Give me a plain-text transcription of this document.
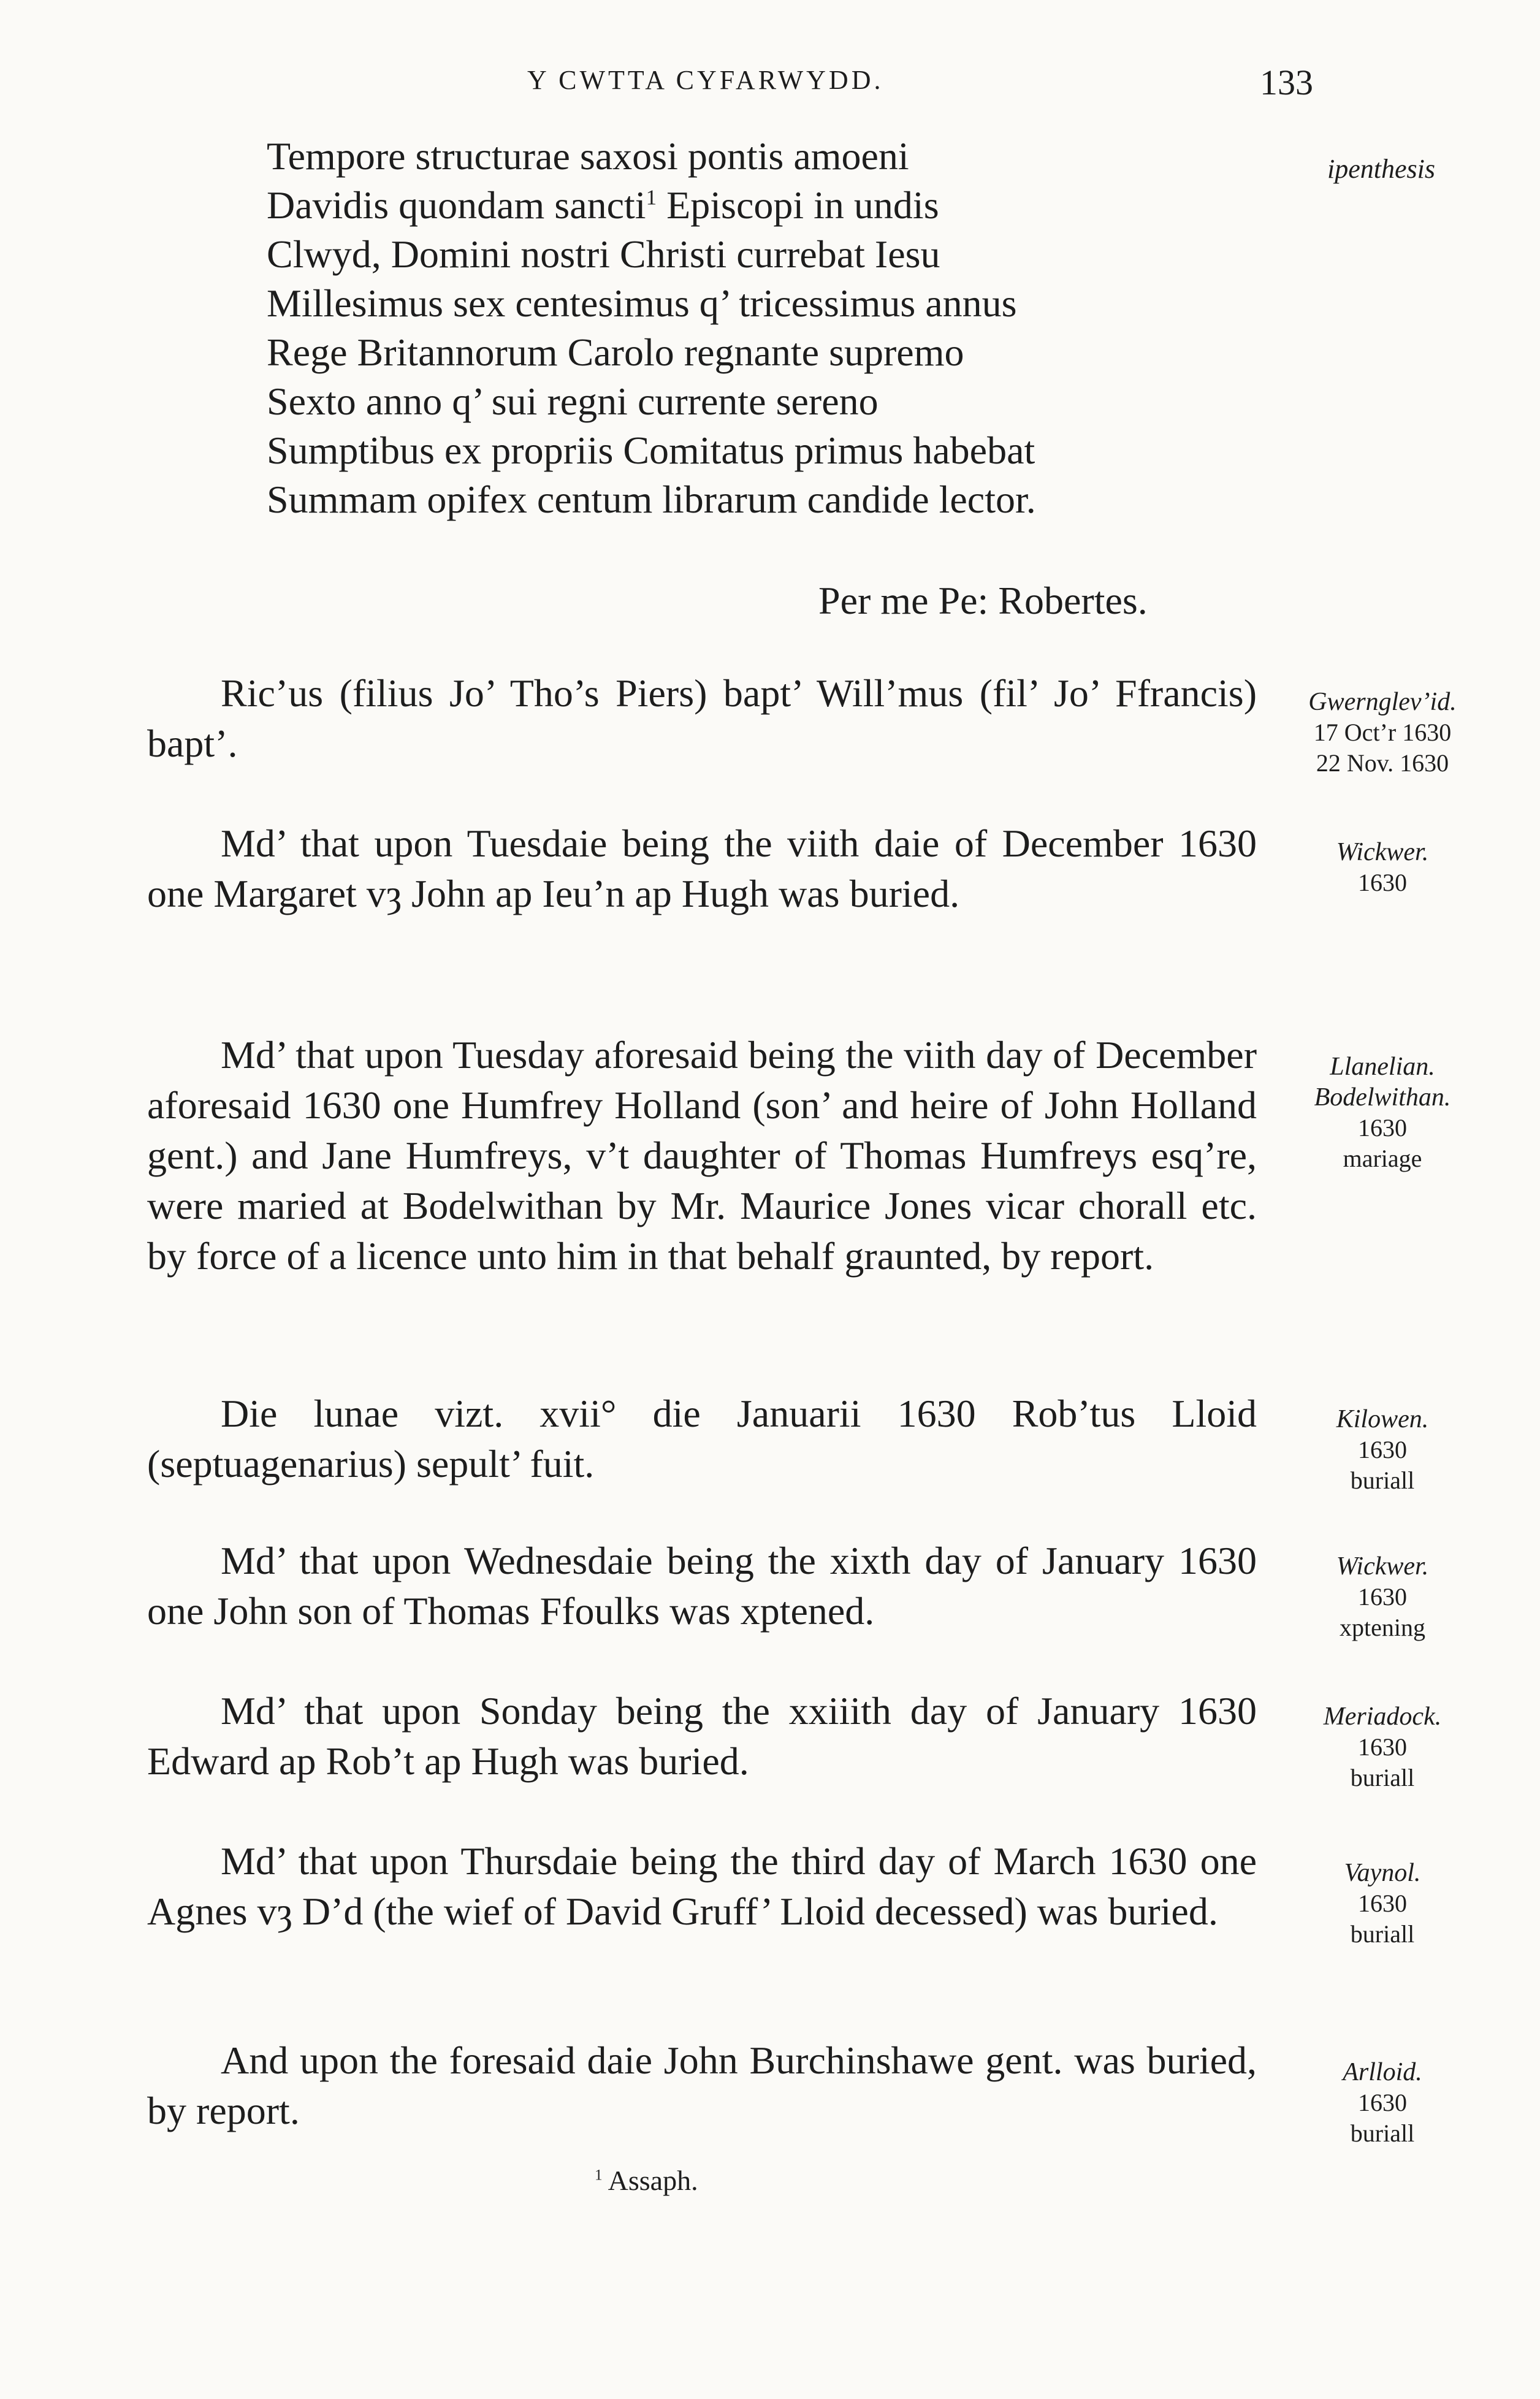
Y CWTTA CYFARWYDD.	133
Tempore structurae saxosi pontis amoeni
Davidis quondam sancti$^1$ Episcopi in undis
Clwyd, Domini nostri Christi currebat Iesu
Millesimus sex centesimus q’ tricessimus annus
Rege Britannorum Carolo regnante supremo
Sexto anno q’ sui regni currente sereno
Sumptibus ex propriis Comitatus primus habebat
Summam opifex centum librarum candide lector.
Per me Pe: Robertes.
ipenthesis

Ric’us (filius Jo’ Tho’s Piers) bapt’ Will’mus (fil’ Jo’ Ffrancis) bapt’.

Gwernglev’id.
17 Oct’r 1630
22 Nov. 1630

Md’ that upon Tuesdaie being the viith daie of December 1630 one Margaret vȝ John ap Ieu’n ap Hugh was buried.

Wickwer.
1630

Md’ that upon Tuesday aforesaid being the viith day of December aforesaid 1630 one Humfrey Holland (son’ and heire of John Holland gent.) and Jane Humfreys, v’t daughter of Thomas Humfreys esq’re, were maried at Bodelwithan by Mr. Maurice Jones vicar chorall etc. by force of a licence unto him in that behalf graunted, by report.

Llanelian.
Bodelwithan.
1630
mariage

Die lunae vizt. xvii° die Januarii 1630 Rob’tus Lloid (septuagenarius) sepult’ fuit.

Kilowen.
1630
buriall

Md’ that upon Wednesdaie being the xixth day of January 1630 one John son of Thomas Ffoulks was xptened.

Wickwer.
1630
xptening

Md’ that upon Sonday being the xxiiith day of January 1630 Edward ap Rob’t ap Hugh was buried.

Meriadock.
1630
buriall

Md’ that upon Thursdaie being the third day of March 1630 one Agnes vȝ D’d (the wief of David Gruff’ Lloid decessed) was buried.

Vaynol.
1630
buriall

And upon the foresaid daie John Burchinshawe gent. was buried, by report.

Arlloid.
1630
buriall
$^1$ Assaph.
